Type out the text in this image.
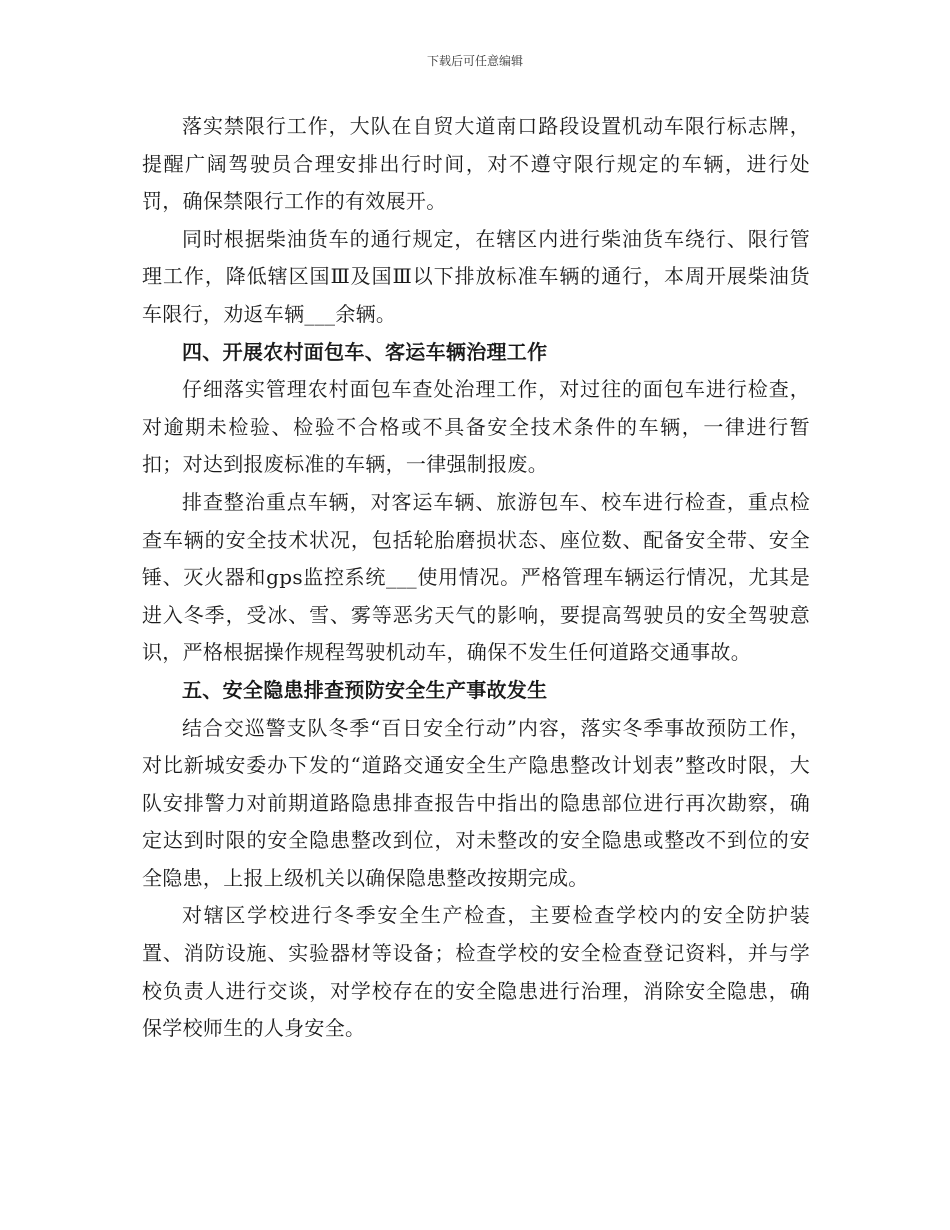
下载后可任意编辑

落实禁限行工作，大队在自贸大道南口路段设置机动车限行标志牌，提醒广阔驾驶员合理安排出行时间，对不遵守限行规定的车辆，进行处罚，确保禁限行工作的有效展开。

同时根据柴油货车的通行规定，在辖区内进行柴油货车绕行、限行管理工作，降低辖区国Ⅲ及国Ⅲ以下排放标准车辆的通行，本周开展柴油货车限行，劝返车辆___余辆。

四、开展农村面包车、客运车辆治理工作

仔细落实管理农村面包车查处治理工作，对过往的面包车进行检查，对逾期未检验、检验不合格或不具备安全技术条件的车辆，一律进行暂扣；对达到报废标准的车辆，一律强制报废。

排查整治重点车辆，对客运车辆、旅游包车、校车进行检查，重点检查车辆的安全技术状况，包括轮胎磨损状态、座位数、配备安全带、安全锤、灭火器和gps监控系统___使用情况。严格管理车辆运行情况，尤其是进入冬季，受冰、雪、雾等恶劣天气的影响，要提高驾驶员的安全驾驶意识，严格根据操作规程驾驶机动车，确保不发生任何道路交通事故。

五、安全隐患排查预防安全生产事故发生

结合交巡警支队冬季“百日安全行动”内容，落实冬季事故预防工作，对比新城安委办下发的“道路交通安全生产隐患整改计划表”整改时限，大队安排警力对前期道路隐患排查报告中指出的隐患部位进行再次勘察，确定达到时限的安全隐患整改到位，对未整改的安全隐患或整改不到位的安全隐患，上报上级机关以确保隐患整改按期完成。

对辖区学校进行冬季安全生产检查，主要检查学校内的安全防护装置、消防设施、实验器材等设备；检查学校的安全检查登记资料，并与学校负责人进行交谈，对学校存在的安全隐患进行治理，消除安全隐患，确保学校师生的人身安全。
